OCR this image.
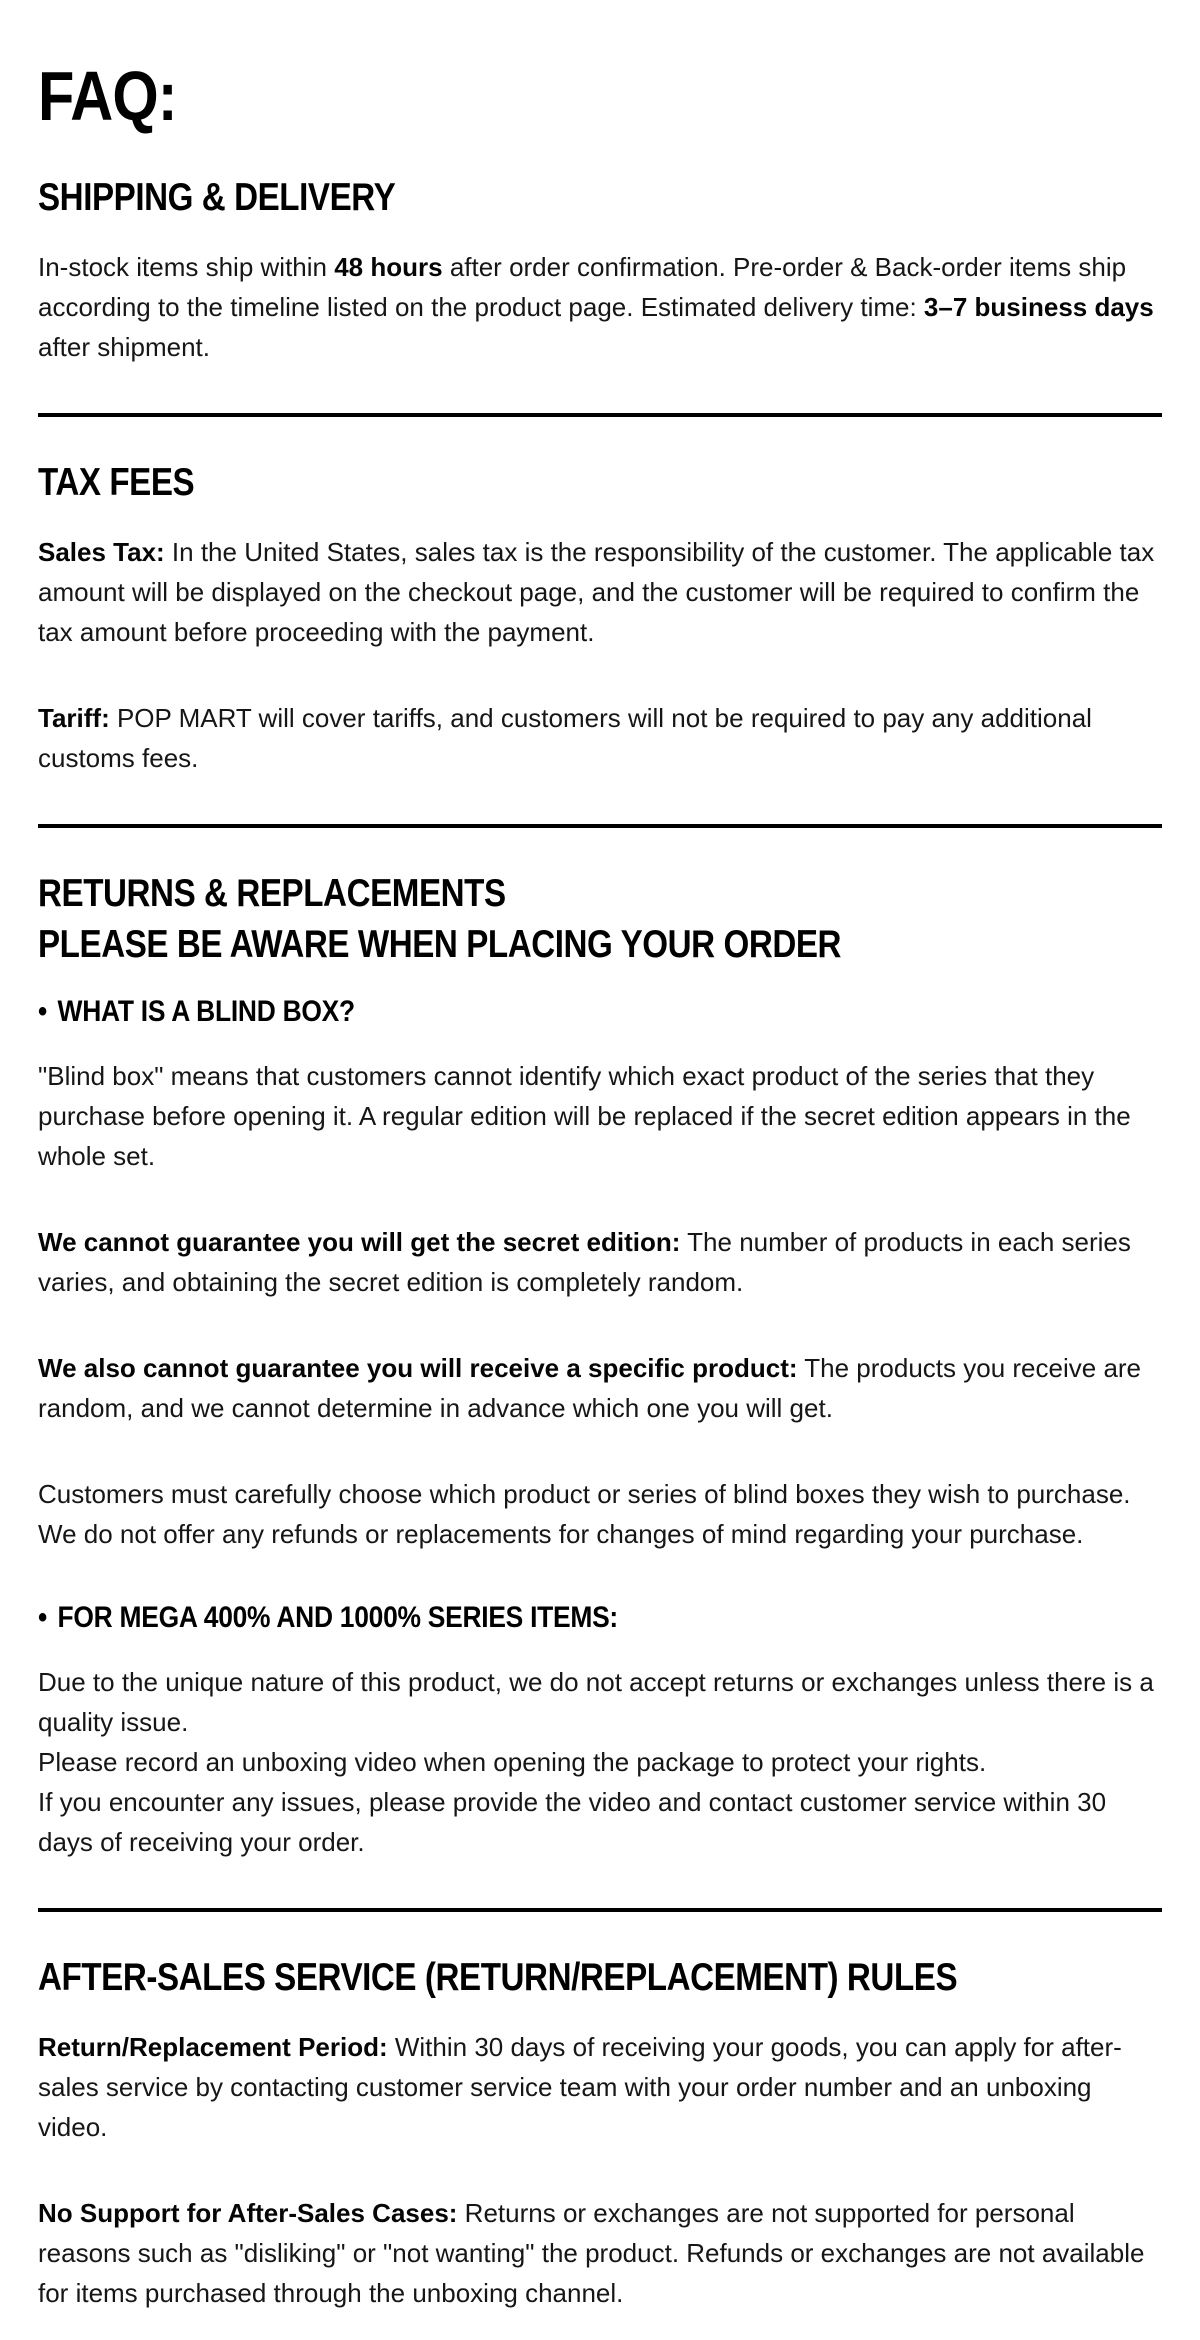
FAQ:
SHIPPING & DELIVERY

In-stock items ship within 48 hours after order confirmation. Pre-order & Back-order items ship according to the timeline listed on the product page. Estimated delivery time: 3–7 business days after shipment.

TAX FEES

Sales Tax: In the United States, sales tax is the responsibility of the customer. The applicable tax amount will be displayed on the checkout page, and the customer will be required to confirm the tax amount before proceeding with the payment.

Tariff: POP MART will cover tariffs, and customers will not be required to pay any additional customs fees.

RETURNS & REPLACEMENTS
PLEASE BE AWARE WHEN PLACING YOUR ORDER
• WHAT IS A BLIND BOX?

"Blind box" means that customers cannot identify which exact product of the series that they purchase before opening it. A regular edition will be replaced if the secret edition appears in the whole set.

We cannot guarantee you will get the secret edition: The number of products in each series varies, and obtaining the secret edition is completely random.

We also cannot guarantee you will receive a specific product: The products you receive are random, and we cannot determine in advance which one you will get.

Customers must carefully choose which product or series of blind boxes they wish to purchase. We do not offer any refunds or replacements for changes of mind regarding your purchase.

• FOR MEGA 400% AND 1000% SERIES ITEMS:

Due to the unique nature of this product, we do not accept returns or exchanges unless there is a quality issue.
Please record an unboxing video when opening the package to protect your rights.
If you encounter any issues, please provide the video and contact customer service within 30 days of receiving your order.

AFTER-SALES SERVICE (RETURN/REPLACEMENT) RULES

Return/Replacement Period: Within 30 days of receiving your goods, you can apply for after-sales service by contacting customer service team with your order number and an unboxing video.

No Support for After-Sales Cases: Returns or exchanges are not supported for personal reasons such as "disliking" or "not wanting" the product. Refunds or exchanges are not available for items purchased through the unboxing channel.
